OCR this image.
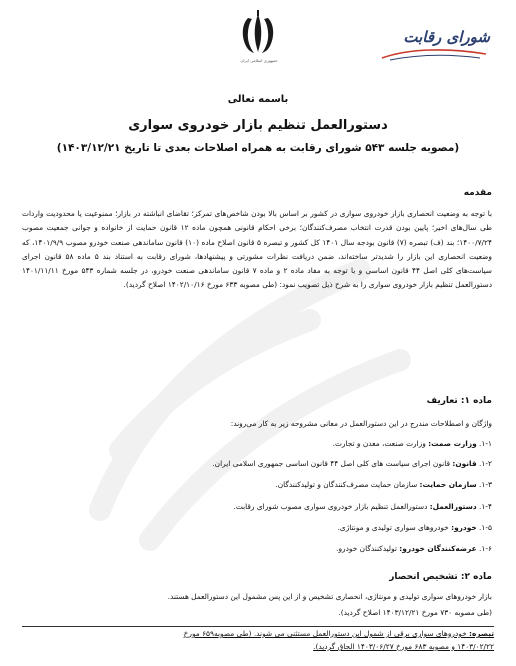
جمهوری اسلامی ایران
شورای رقابت
باسمه تعالی
دستورالعمل تنظیم بازار خودروی سواری
(مصوبه جلسه ۵۴۳ شورای رقابت به همراه اصلاحات بعدی تا تاریخ ۱۴۰۳/۱۲/۲۱)
مقدمه
با توجه به وضعیت انحصاری بازار خودروی سواری در کشور بر اساس بالا بودن شاخص‌های تمرکز؛ تقاضای انباشته در بازار؛ ممنوعیت یا محدودیت واردات طی سال‌های اخیر؛ پایین بودن قدرت انتخاب مصرف‌کنندگان؛ برخی احکام قانونی همچون ماده ۱۲ قانون حمایت از خانواده و جوانی جمعیت مصوب ۱۴۰۰/۷/۲۴؛ بند (ف) تبصره (۷) قانون بودجه سال ۱۴۰۱ کل کشور و تبصره ۵ قانون اصلاح ماده (۱۰) قانون ساماندهی صنعت خودرو مصوب ۱۴۰۱/۹/۹، که وضعیت انحصاری این بازار را شدیدتر ساخته‌اند، ضمن دریافت نظرات مشورتی و پیشنهادها، شورای رقابت به استناد بند ۵ ماده ۵۸ قانون اجرای سیاست‌های کلی اصل ۴۴ قانون اساسی و با توجه به مفاد ماده ۲ و ماده ۷ قانون ساماندهی صنعت خودرو، در جلسه شماره ۵۴۳ مورخ ۱۴۰۱/۱۱/۱۱ دستورالعمل تنظیم بازار خودروی سواری را به شرح ذیل تصویب نمود: (طی مصوبه ۶۳۳ مورخ ۱۴۰۲/۱۰/۱۶ اصلاح گردید).
ماده ۱: تعاریف
واژگان و اصطلاحات مندرج در این دستورالعمل در معانی مشروحه زیر به کار می‌روند:
۱-۱. وزارت صمت: وزارت صنعت، معدن و تجارت.
۱-۲. قانون: قانون اجرای سیاست های کلی اصل ۴۴ قانون اساسی جمهوری اسلامی ایران.
۱-۳. سازمان حمایت: سازمان حمایت مصرف‌کنندگان و تولیدکنندگان.
۱-۴. دستورالعمل: دستورالعمل تنظیم بازار خودروی سواری مصوب شورای رقابت.
۱-۵. خودرو: خودروهای سواری تولیدی و مونتاژی.
۱-۶. عرضه‌کنندگان خودرو: تولیدکنندگان خودرو.
ماده ۲: تشخیص انحصار
بازار خودروهای سواری تولیدی و مونتاژی، انحصاری تشخیص و از این پس مشمول این دستورالعمل هستند.
(طی مصوبه ۷۳۰ مورخ ۱۴۰۳/۱۲/۲۱ اصلاح گردید).
تبصره: خودروهای سواری برقی از شمول این دستورالعمل مستثنی می شوند. (طی مصوبه۶۵۹ مورخ
۱۴۰۳/۰۲/۲۲ و مصوبه ۶۸۳ مورخ ۱۴۰۳/۰۶/۲۷ الحاق گردید).
